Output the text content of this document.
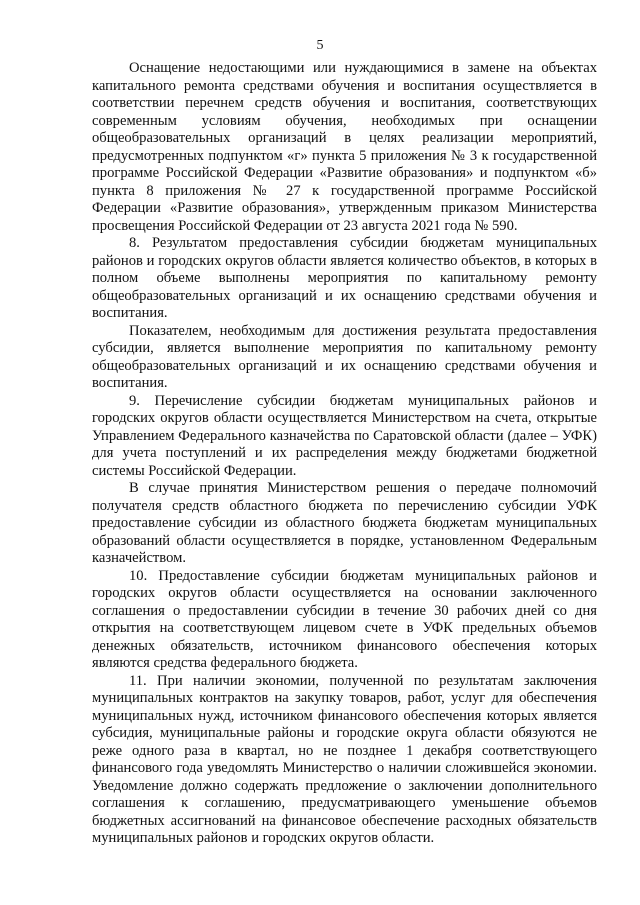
5

Оснащение недостающими или нуждающимися в замене на объектах капитального ремонта средствами обучения и воспитания осуществляется в соответствии перечнем средств обучения и воспитания, соответствующих современным условиям обучения, необходимых при оснащении общеобразовательных организаций в целях реализации мероприятий, предусмотренных подпунктом «г» пункта 5 приложения № 3 к государственной программе Российской Федерации «Развитие образования» и подпунктом «б» пункта 8 приложения № 27 к государственной программе Российской Федерации «Развитие образования», утвержденным приказом Министерства просвещения Российской Федерации от 23 августа 2021 года № 590.

8. Результатом предоставления субсидии бюджетам муниципальных районов и городских округов области является количество объектов, в которых в полном объеме выполнены мероприятия по капитальному ремонту общеобразовательных организаций и их оснащению средствами обучения и воспитания.

Показателем, необходимым для достижения результата предоставления субсидии, является выполнение мероприятия по капитальному ремонту общеобразовательных организаций и их оснащению средствами обучения и воспитания.

9. Перечисление субсидии бюджетам муниципальных районов и городских округов области осуществляется Министерством на счета, открытые Управлением Федерального казначейства по Саратовской области (далее – УФК) для учета поступлений и их распределения между бюджетами бюджетной системы Российской Федерации.

В случае принятия Министерством решения о передаче полномочий получателя средств областного бюджета по перечислению субсидии УФК предоставление субсидии из областного бюджета бюджетам муниципальных образований области осуществляется в порядке, установленном Федеральным казначейством.

10. Предоставление субсидии бюджетам муниципальных районов и городских округов области осуществляется на основании заключенного соглашения о предоставлении субсидии в течение 30 рабочих дней со дня открытия на соответствующем лицевом счете в УФК предельных объемов денежных обязательств, источником финансового обеспечения которых являются средства федерального бюджета.

11. При наличии экономии, полученной по результатам заключения муниципальных контрактов на закупку товаров, работ, услуг для обеспечения муниципальных нужд, источником финансового обеспечения которых является субсидия, муниципальные районы и городские округа области обязуются не реже одного раза в квартал, но не позднее 1 декабря соответствующего финансового года уведомлять Министерство о наличии сложившейся экономии. Уведомление должно содержать предложение о заключении дополнительного соглашения к соглашению, предусматривающего уменьшение объемов бюджетных ассигнований на финансовое обеспечение расходных обязательств муниципальных районов и городских округов области.
